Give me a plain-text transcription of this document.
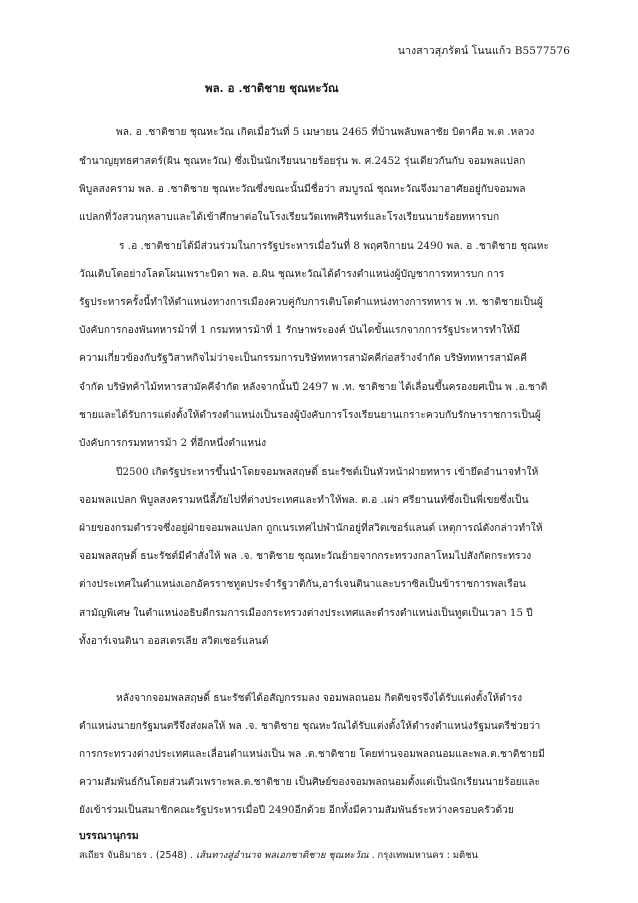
นางสาวสุภรัตน์ โนนแก้ว B5577576
พล. อ .ชาติชาย ชุณหะวัณ
พล. อ .ชาติชาย ชุณหะวัณ เกิดเมื่อวันที่ 5 เมษายน 2465 ที่บ้านพลับพลาชัย บิดาคือ พ.ต .หลวง
ชำนาญยุทธศาสตร์(ผิน ชุณหะวัณ) ซึ่งเป็นนักเรียนนายร้อยรุ่น พ. ศ.2452 รุ่นเดียวกันกับ จอมพลแปลก
พิบูลสงคราม พล. อ .ชาติชาย ชุณหะวัณซึ่งขณะนั้นมีชื่อว่า สมบูรณ์ ชุณหะวัณจึงมาอาศัยอยู่กับจอมพล
แปลกที่วังสวนกุหลาบและได้เข้าศึกษาต่อในโรงเรียนวัดเทพศิรินทร์และโรงเรียนนายร้อยทหารบก
ร .อ .ชาติชายได้มีส่วนร่วมในการรัฐประหารเมื่อวันที่ 8 พฤศจิกายน 2490 พล. อ .ชาติชาย ชุณหะ
วัณเติบโตอย่างโลดโผนเพราะบิดา พล. อ.ผิน ชุณหะวัณได้ดำรงตำแหน่งผู้บัญชาการทหารบก การ
รัฐประหารครั้งนี้ทำให้ตำแหน่งทางการเมืองควบคู่กับการเติบโตตำแหน่งทางการทหาร พ .ท. ชาติชายเป็นผู้
บังคับการกองพันทหารม้าที่ 1 กรมทหารม้าที่ 1 รักษาพระองค์ บันไดขั้นแรกจากการรัฐประหารทำให้มี
ความเกี่ยวข้องกับรัฐวิสาหกิจไม่ว่าจะเป็นกรรมการบริษัททหารสามัคคีก่อสร้างจำกัด บริษัททหารสามัคคี
จำกัด บริษัทค้าไม้ทหารสามัคคีจำกัด หลังจากนั้นปี 2497 พ .ท. ชาติชาย ได้เลื่อนขึ้นครองยศเป็น พ .อ.ชาติ
ชายและได้รับการแต่งตั้งให้ดำรงตำแหน่งเป็นรองผู้บังคับการโรงเรียนยานเกราะควบกับรักษาราชการเป็นผู้
บังคับการกรมทหารม้า 2 ที่อีกหนึ่งตำแหน่ง
ปี2500 เกิดรัฐประหารขึ้นนำโดยจอมพลสฤษดิ์ ธนะรัชต์เป็นหัวหน้าฝ่ายทหาร เข้ายึดอำนาจทำให้
จอมพลแปลก พิบูลสงครามหนีลี้ภัยไปที่ต่างประเทศและทำให้พล. ต.อ .เผ่า ศรียานนท์ซึ่งเป็นพี่เขยซึ่งเป็น
ฝ่ายของกรมตำรวจซึ่งอยู่ฝ่ายจอมพลแปลก ถูกเนรเทศไปพำนักอยู่ที่สวิตเซอร์แลนด์ เหตุการณ์ดังกล่าวทำให้
จอมพลสฤษดิ์ ธนะรัชต์มีคำสั่งให้ พล .จ. ชาติชาย ชุณหะวัณย้ายจากกระทรวงกลาโหมไปสังกัดกระทรวง
ต่างประเทศในตำแหน่งเอกอัครราชทูตประจำรัฐวาติกัน,อาร์เจนตินาและบราซิลเป็นข้าราชการพลเรือน
สามัญพิเศษ ในตำแหน่งอธิบดีกรมการเมืองกระทรวงต่างประเทศและดำรงตำแหน่งเป็นทูตเป็นเวลา 15 ปี
ทั้งอาร์เจนตินา ออสเตรเลีย สวิตเซอร์แลนด์
หลังจากจอมพลสฤษดิ์ ธนะรัชต์ได้อสัญกรรมลง จอมพลถนอม กิตติขจรจึงได้รับแต่งตั้งให้ดำรง
ตำแหน่งนายกรัฐมนตรีจึงส่งผลให้ พล .จ. ชาติชาย ชุณหะวัณได้รับแต่งตั้งให้ดำรงตำแหน่งรัฐมนตรีช่วยว่า
การกระทรวงต่างประเทศและเลื่อนตำแหน่งเป็น พล .ต.ชาติชาย โดยท่านจอมพลถนอมและพล.ต.ชาติชายมี
ความสัมพันธ์กันโดยส่วนตัวเพราะพล.ต.ชาติชาย เป็นศิษย์ของจอมพลถนอมตั้งแต่เป็นนักเรียนนายร้อยและ
ยังเข้าร่วมเป็นสมาชิกคณะรัฐประหารเมื่อปี 2490อีกด้วย อีกทั้งมีความสัมพันธ์ระหว่างครอบครัวด้วย
บรรณานุกรม
สเถียร จันธิมาธร . (2548) . เส้นทางสู่อำนาจ พลเอกชาติชาย ชุณหะวัณ . กรุงเทพมหานคร : มติชน
